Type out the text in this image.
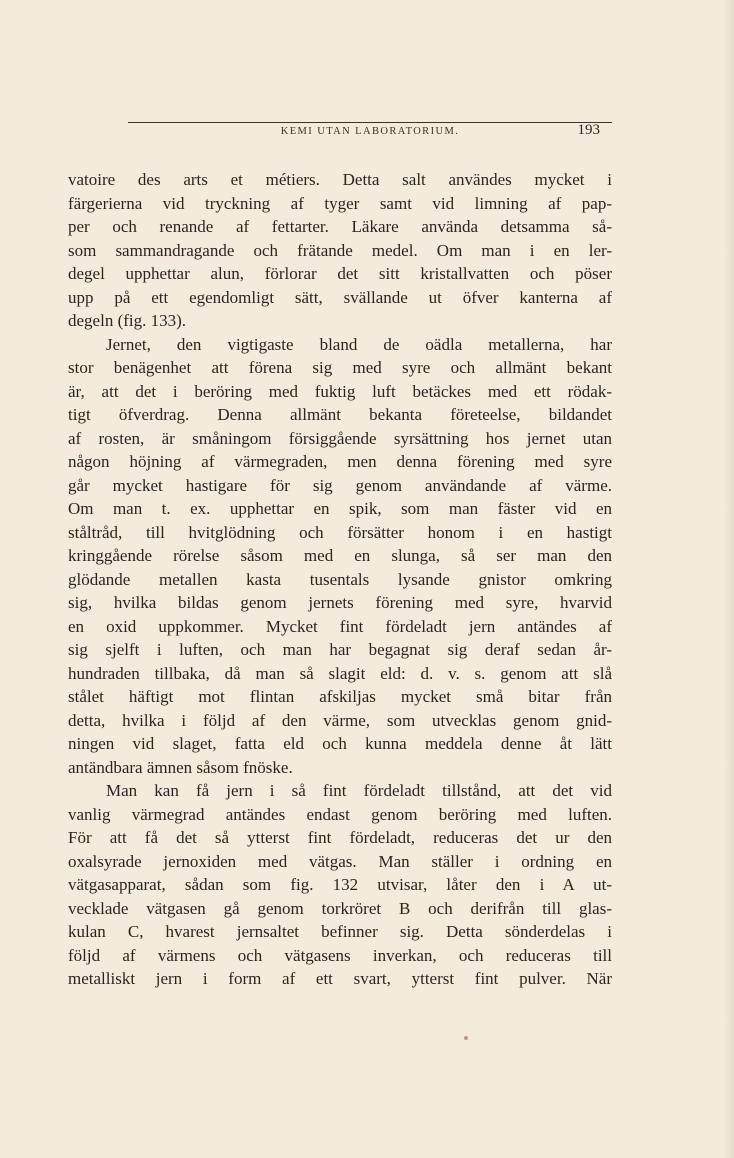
KEMI UTAN LABORATORIUM.	193
vatoire des arts et métiers. Detta salt användes mycket i
färgerierna vid tryckning af tyger samt vid limning af pap-
per och renande af fettarter. Läkare använda detsamma så-
som sammandragande och frätande medel. Om man i en ler-
degel upphettar alun, förlorar det sitt kristallvatten och pöser
upp på ett egendomligt sätt, svällande ut öfver kanterna af
degeln (fig. 133).
Jernet, den vigtigaste bland de oädla metallerna, har
stor benägenhet att förena sig med syre och allmänt bekant
är, att det i beröring med fuktig luft betäckes med ett rödak-
tigt öfverdrag. Denna allmänt bekanta företeelse, bildandet
af rosten, är småningom försiggående syrsättning hos jernet utan
någon höjning af värmegraden, men denna förening med syre
går mycket hastigare för sig genom användande af värme.
Om man t. ex. upphettar en spik, som man fäster vid en
ståltråd, till hvitglödning och försätter honom i en hastigt
kringgående rörelse såsom med en slunga, så ser man den
glödande metallen kasta tusentals lysande gnistor omkring
sig, hvilka bildas genom jernets förening med syre, hvarvid
en oxid uppkommer. Mycket fint fördeladt jern antändes af
sig sjelft i luften, och man har begagnat sig deraf sedan år-
hundraden tillbaka, då man så slagit eld: d. v. s. genom att slå
stålet häftigt mot flintan afskiljas mycket små bitar från
detta, hvilka i följd af den värme, som utvecklas genom gnid-
ningen vid slaget, fatta eld och kunna meddela denne åt lätt
antändbara ämnen såsom fnöske.
Man kan få jern i så fint fördeladt tillstånd, att det vid
vanlig värmegrad antändes endast genom beröring med luften.
För att få det så ytterst fint fördeladt, reduceras det ur den
oxalsyrade jernoxiden med vätgas. Man ställer i ordning en
vätgasapparat, sådan som fig. 132 utvisar, låter den i A ut-
vecklade vätgasen gå genom torkröret B och derifrån till glas-
kulan C, hvarest jernsaltet befinner sig. Detta sönderdelas i
följd af värmens och vätgasens inverkan, och reduceras till
metalliskt jern i form af ett svart, ytterst fint pulver. När
